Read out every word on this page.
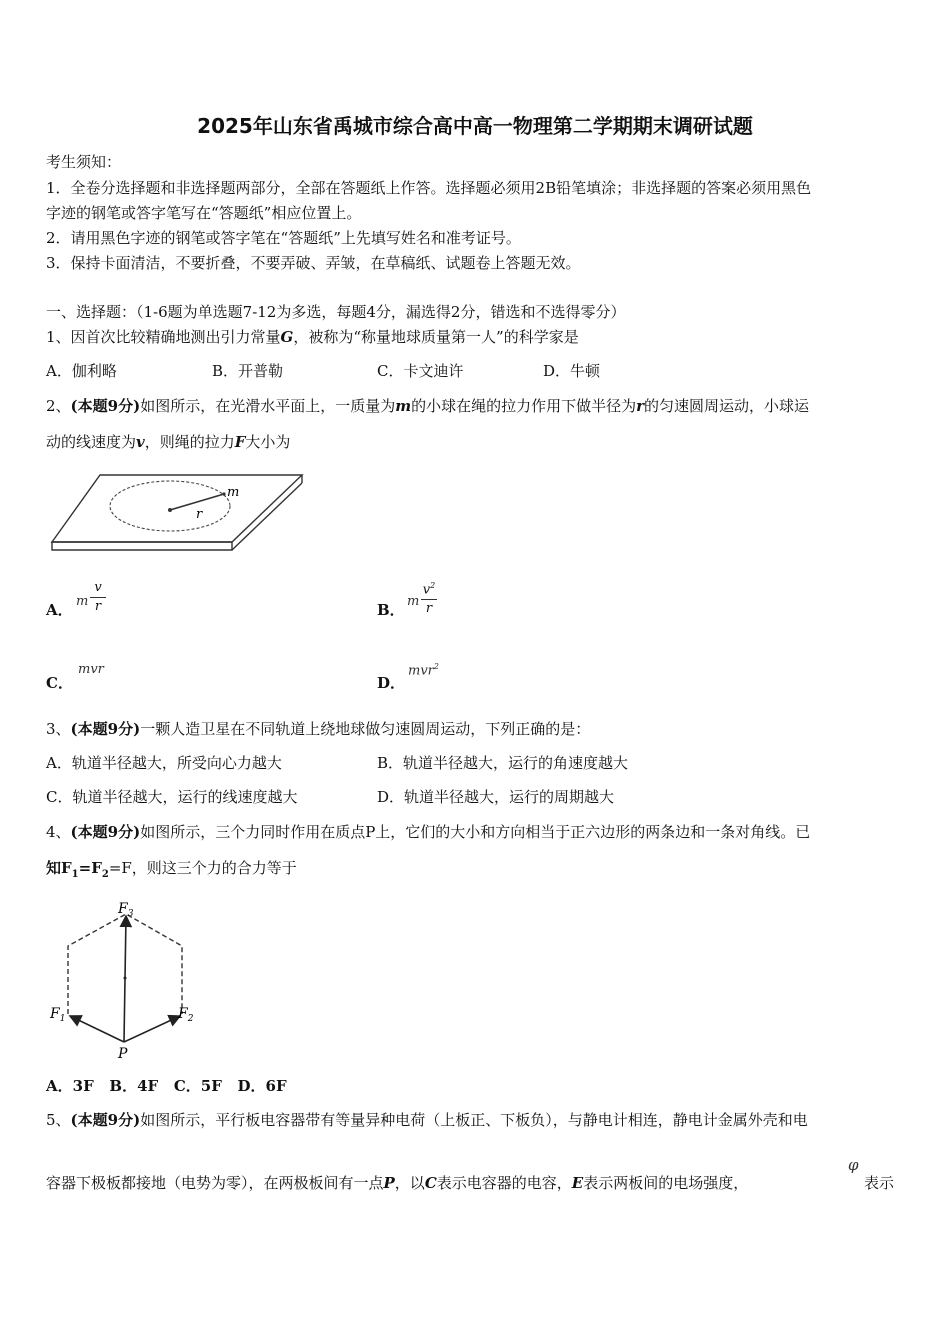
2025年山东省禹城市综合高中高一物理第二学期期末调研试题
考生须知：
1．全卷分选择题和非选择题两部分，全部在答题纸上作答。选择题必须用2B铅笔填涂；非选择题的答案必须用黑色
字迹的钢笔或答字笔写在“答题纸”相应位置上。
2．请用黑色字迹的钢笔或答字笔在“答题纸”上先填写姓名和准考证号。
3．保持卡面清洁，不要折叠，不要弄破、弄皱，在草稿纸、试题卷上答题无效。
一、选择题：（1-6题为单选题7-12为多选，每题4分，漏选得2分，错选和不选得零分）
1、因首次比较精确地测出引力常量G，被称为“称量地球质量第一人”的科学家是
A．伽利略	B．开普勒	C．卡文迪许	D．牛顿
2、(本题9分)如图所示，在光滑水平面上，一质量为m的小球在绳的拉力作用下做半径为r的匀速圆周运动，小球运
动的线速度为v，则绳的拉力F大小为
m
r
A． m
v
r	B． m
$v^2$
r
C．
mvr
D．
mvr$^2$
3、(本题9分)一颗人造卫星在不同轨道上绕地球做匀速圆周运动，下列正确的是：
A．轨道半径越大，所受向心力越大	B．轨道半径越大，运行的角速度越大
C．轨道半径越大，运行的线速度越大	D．轨道半径越大，运行的周期越大
4、(本题9分)如图所示，三个力同时作用在质点P上，它们的大小和方向相当于正六边形的两条边和一条对角线。已
知$F_1=F_2=F$，则这三个力的合力等于
$F_3$
$F_1$	$F_2$
P
A．3F   B．4F   C．5F   D．6F
5、(本题9分)如图所示，平行板电容器带有等量异种电荷（上板正、下板负），与静电计相连，静电计金属外壳和电
容器下极板都接地（电势为零），在两极板间有一点P，以C表示电容器的电容，E表示两板间的电场强度，
φ
表示
